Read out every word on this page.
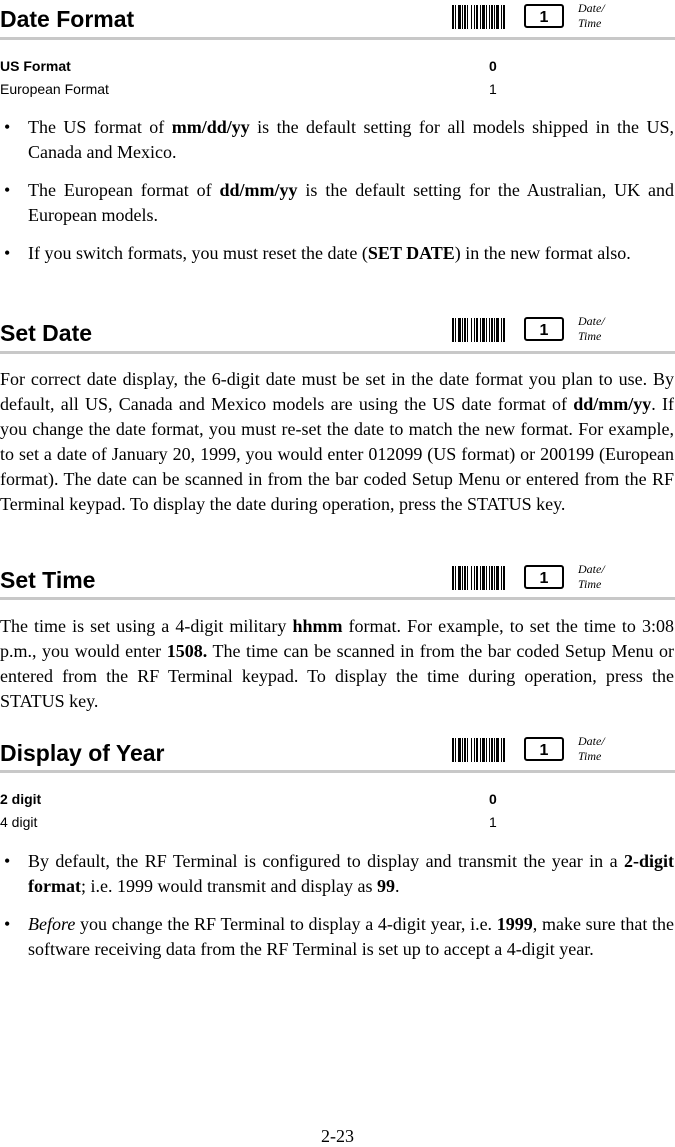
Date Format	1
Date/
Time
US Format	0
European Format	1
• The US format of mm/dd/yy is the default setting for all models shipped in the US, Canada and Mexico.
• The European format of dd/mm/yy is the default setting for the Australian, UK and European models.
• If you switch formats, you must reset the date (SET DATE) in the new format also.
Set Date	1
Date/
Time
For correct date display, the 6-digit date must be set in the date format you plan to use. By default, all US, Canada and Mexico models are using the US date format of dd/mm/yy. If you change the date format, you must re-set the date to match the new format. For example, to set a date of January 20, 1999, you would enter 012099 (US format) or 200199 (European format). The date can be scanned in from the bar coded Setup Menu or entered from the RF Terminal keypad. To display the date during operation, press the STATUS key.
Set Time	1
Date/
Time
The time is set using a 4-digit military hhmm format. For example, to set the time to 3:08 p.m., you would enter 1508. The time can be scanned in from the bar coded Setup Menu or entered from the RF Terminal keypad. To display the time during operation, press the STATUS key.
Display of Year	1
Date/
Time
2 digit	0
4 digit	1
• By default, the RF Terminal is configured to display and transmit the year in a 2-digit format; i.e. 1999 would transmit and display as 99.
• Before you change the RF Terminal to display a 4-digit year, i.e. 1999, make sure that the software receiving data from the RF Terminal is set up to accept a 4-digit year.
2-23
